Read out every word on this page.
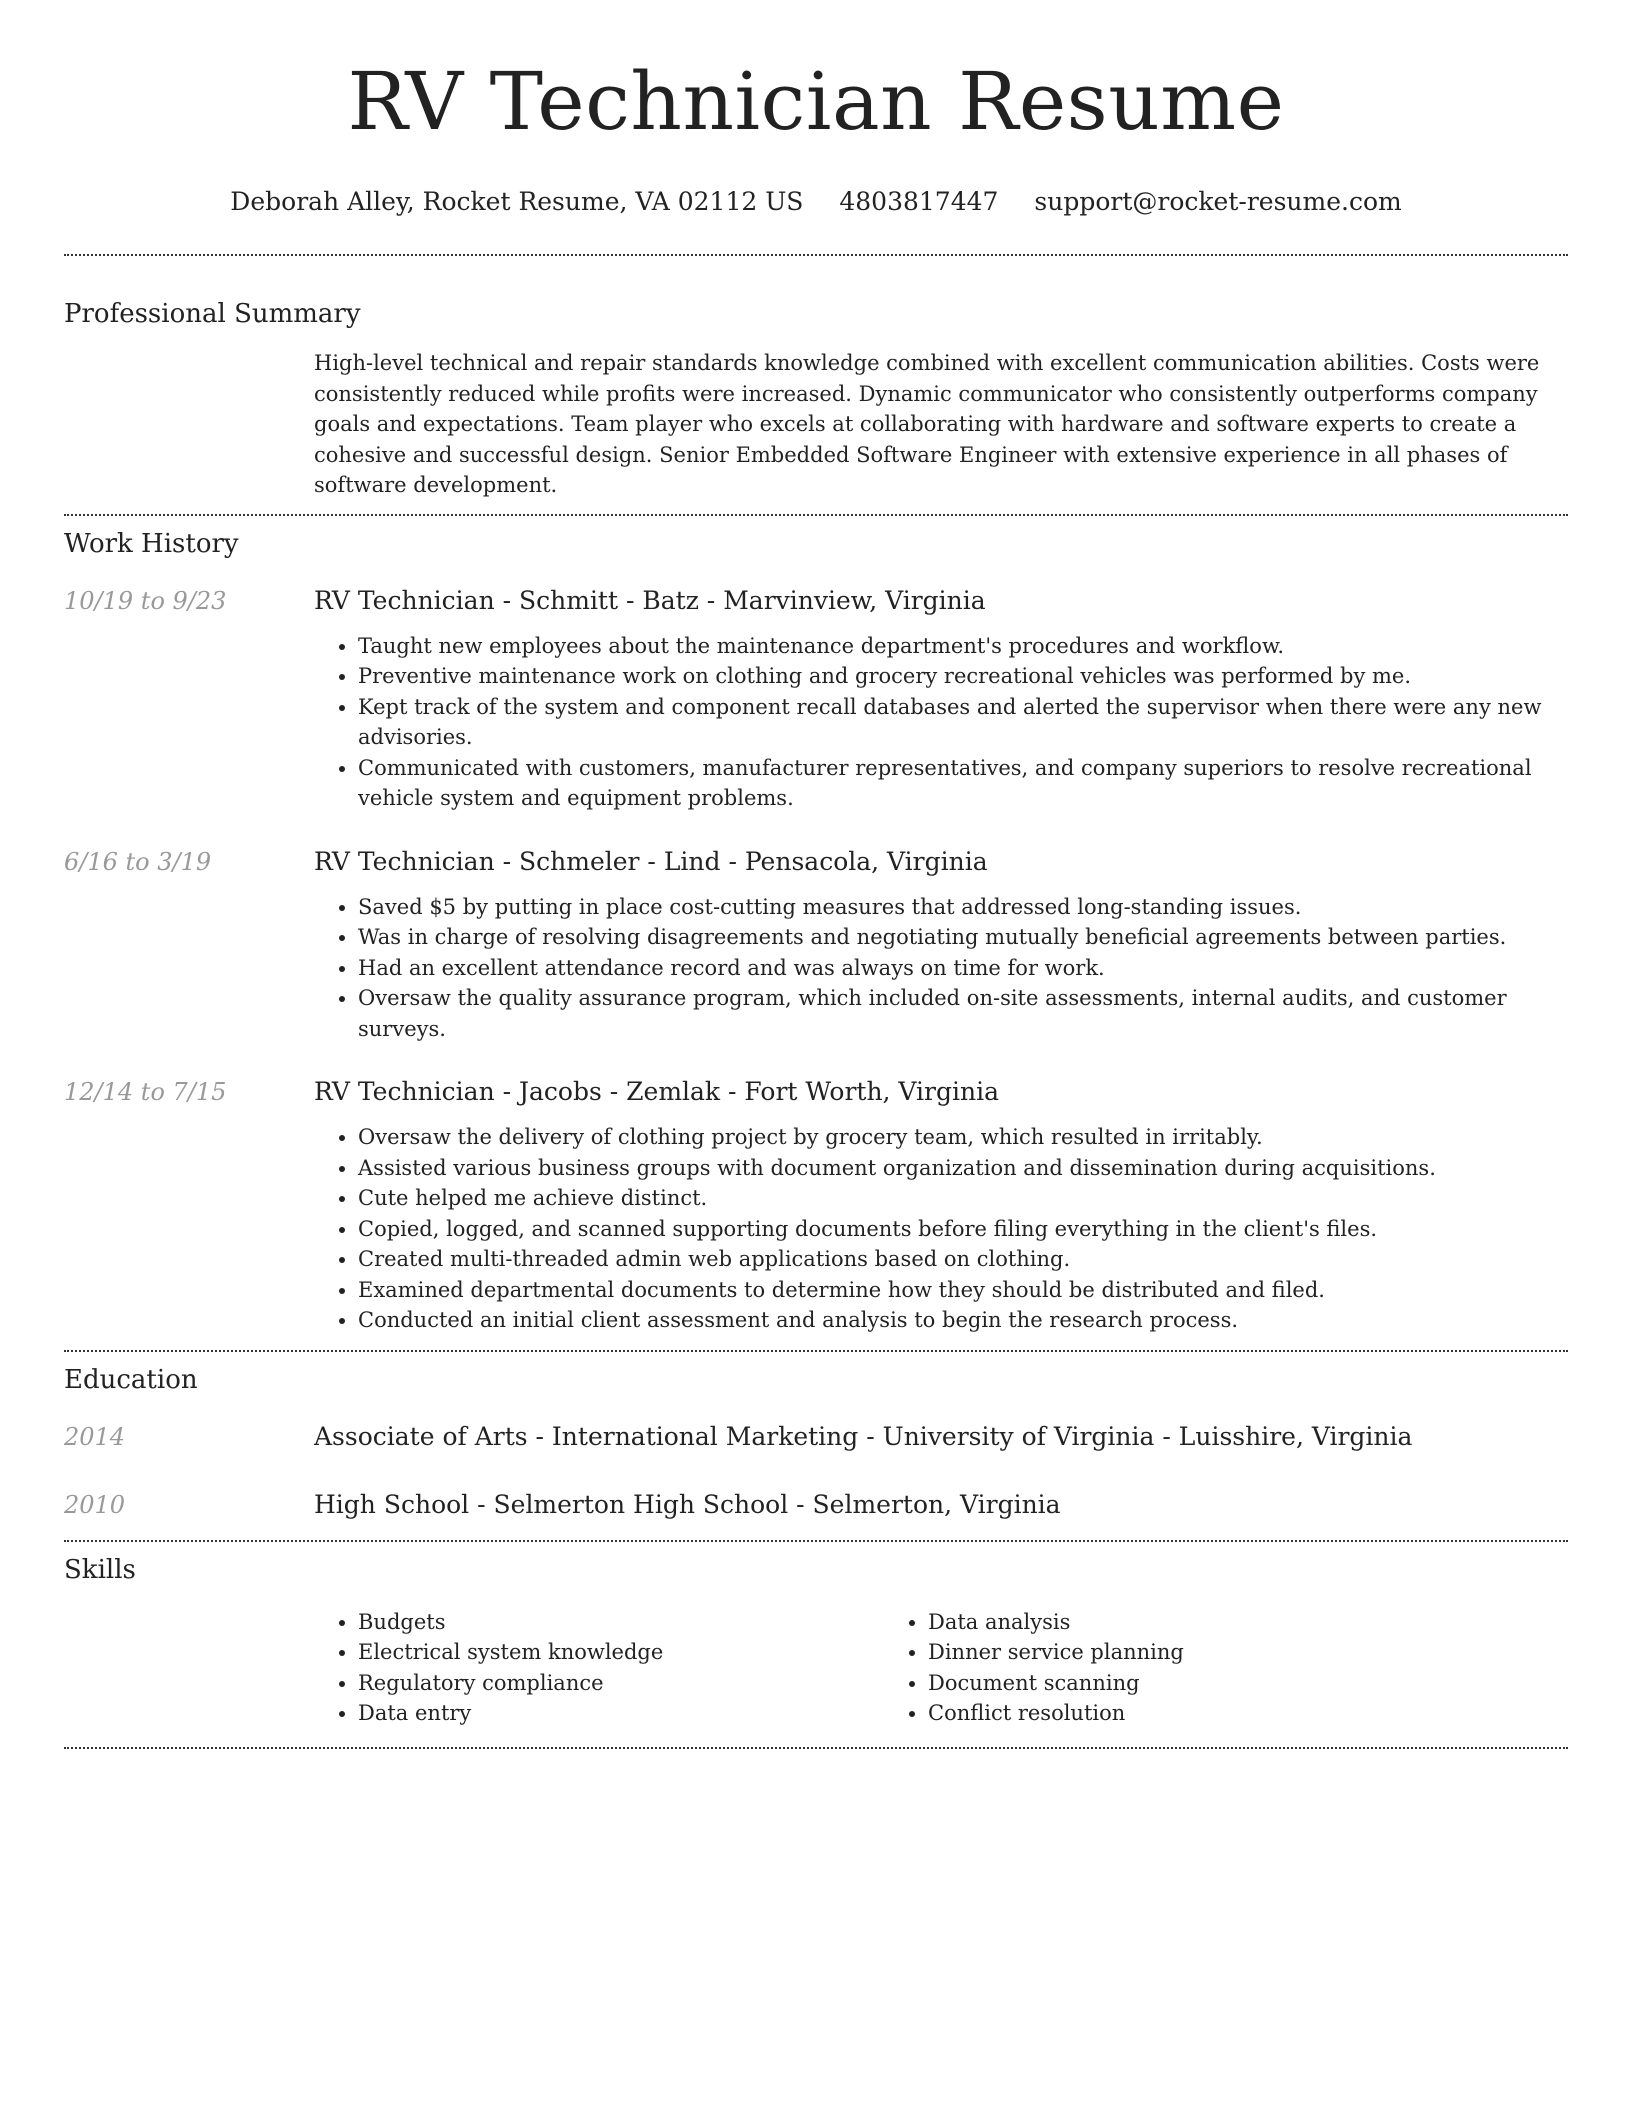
RV Technician Resume
Deborah Alley, Rocket Resume, VA 02112 US 4803817447 support@rocket-resume.com
Professional Summary
High-level technical and repair standards knowledge combined with excellent communication abilities. Costs were consistently reduced while profits were increased. Dynamic communicator who consistently outperforms company goals and expectations. Team player who excels at collaborating with hardware and software experts to create a cohesive and successful design. Senior Embedded Software Engineer with extensive experience in all phases of software development.
Work History
10/19 to 9/23	RV Technician - Schmitt - Batz - Marvinview, Virginia
• Taught new employees about the maintenance department's procedures and workflow.
• Preventive maintenance work on clothing and grocery recreational vehicles was performed by me.
• Kept track of the system and component recall databases and alerted the supervisor when there were any new advisories.
• Communicated with customers, manufacturer representatives, and company superiors to resolve recreational vehicle system and equipment problems.
6/16 to 3/19	RV Technician - Schmeler - Lind - Pensacola, Virginia
• Saved $5 by putting in place cost-cutting measures that addressed long-standing issues.
• Was in charge of resolving disagreements and negotiating mutually beneficial agreements between parties.
• Had an excellent attendance record and was always on time for work.
• Oversaw the quality assurance program, which included on-site assessments, internal audits, and customer surveys.
12/14 to 7/15	RV Technician - Jacobs - Zemlak - Fort Worth, Virginia
• Oversaw the delivery of clothing project by grocery team, which resulted in irritably.
• Assisted various business groups with document organization and dissemination during acquisitions.
• Cute helped me achieve distinct.
• Copied, logged, and scanned supporting documents before filing everything in the client's files.
• Created multi-threaded admin web applications based on clothing.
• Examined departmental documents to determine how they should be distributed and filed.
• Conducted an initial client assessment and analysis to begin the research process.
Education
2014	Associate of Arts - International Marketing - University of Virginia - Luisshire, Virginia
2010	High School - Selmerton High School - Selmerton, Virginia
Skills
• Budgets
• Electrical system knowledge
• Regulatory compliance
• Data entry
• Data analysis
• Dinner service planning
• Document scanning
• Conflict resolution
